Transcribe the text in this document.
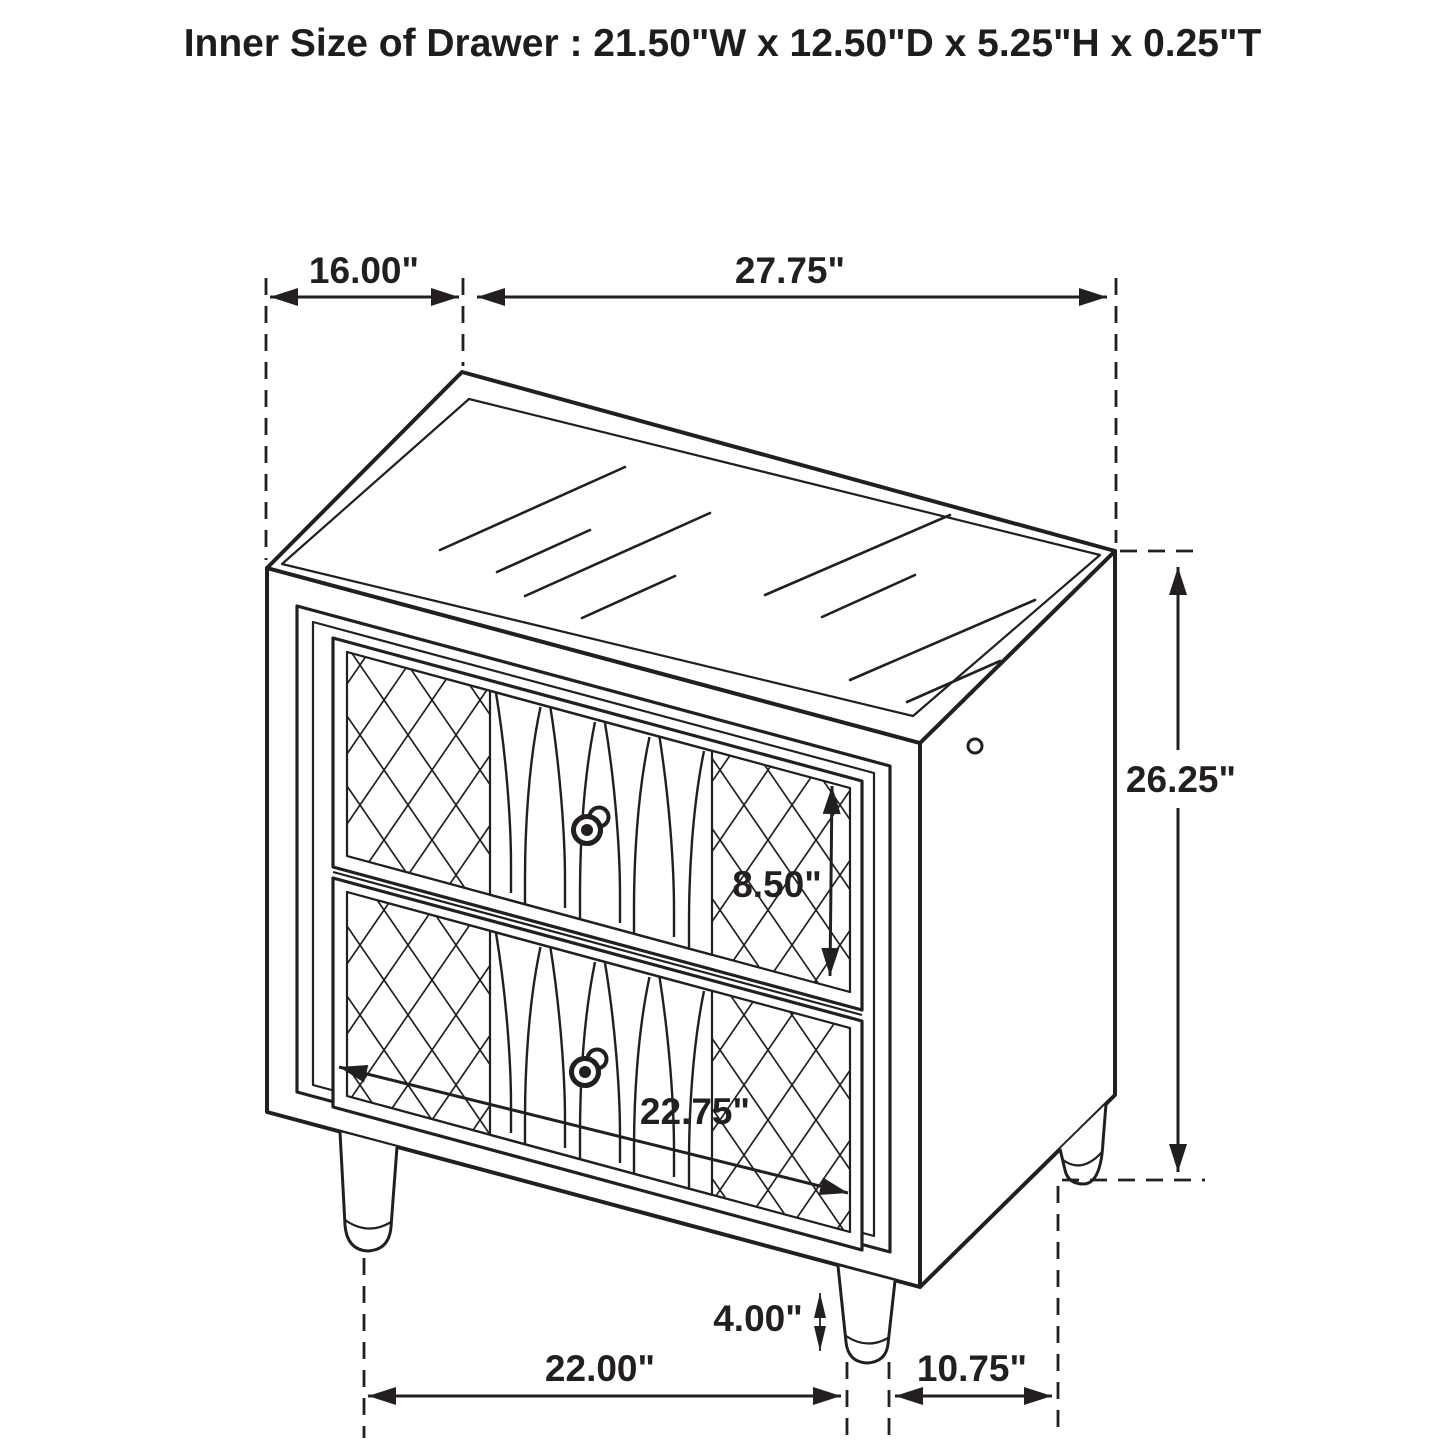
Inner Size of Drawer : 21.50"W x 12.50"D x 5.25"H x 0.25"T
16.00"	27.75"
26.25"
8.50"
22.75"
4.00"
22.00"	10.75"
